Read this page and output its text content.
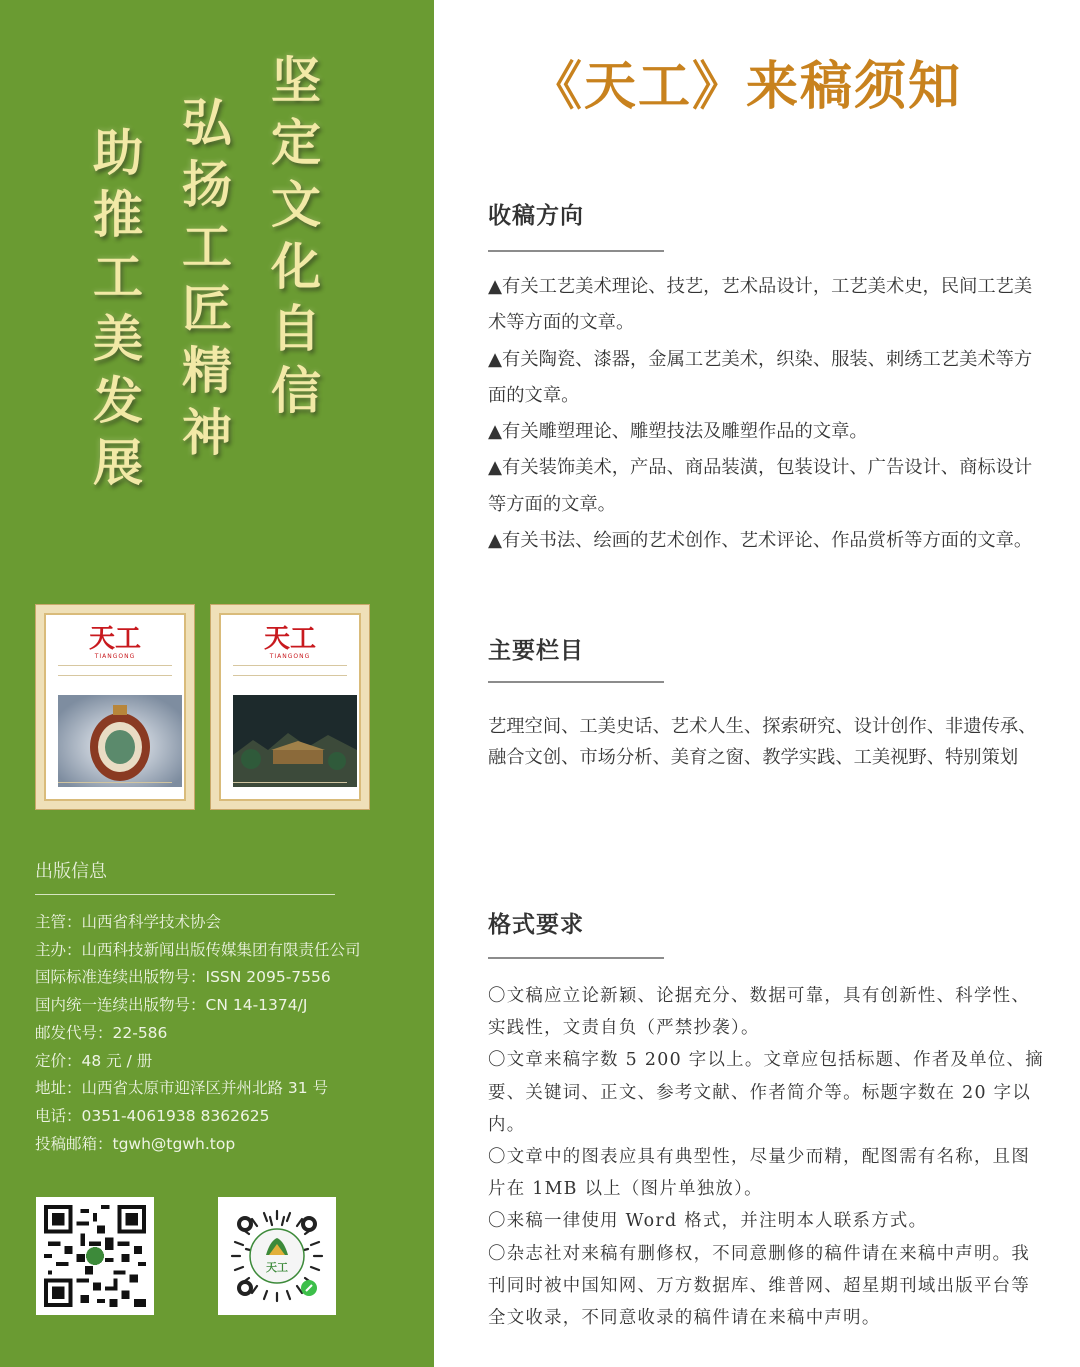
坚
定
文
化
自
信
弘
扬
工
匠
精
神
助
推
工
美
发
展
天工
TIANGONG
天工
TIANGONG
出版信息
主管：山西省科学技术协会
主办：山西科技新闻出版传媒集团有限责任公司
国际标准连续出版物号：ISSN 2095-7556
国内统一连续出版物号：CN 14-1374/J
邮发代号：22-586
定价：48 元 / 册
地址：山西省太原市迎泽区并州北路 31 号
电话：0351-4061938 8362625
投稿邮箱：tgwh@tgwh.top
天工
《天工》来稿须知
收稿方向

▲有关工艺美术理论、技艺，艺术品设计，工艺美术史，民间工艺美术等方面的文章。

▲有关陶瓷、漆器，金属工艺美术，织染、服装、刺绣工艺美术等方面的文章。

▲有关雕塑理论、雕塑技法及雕塑作品的文章。

▲有关装饰美术，产品、商品装潢，包装设计、广告设计、商标设计等方面的文章。

▲有关书法、绘画的艺术创作、艺术评论、作品赏析等方面的文章。

主要栏目

艺理空间、工美史话、艺术人生、探索研究、设计创作、非遗传承、融合文创、市场分析、美育之窗、教学实践、工美视野、特别策划

格式要求

〇文稿应立论新颖、论据充分、数据可靠，具有创新性、科学性、实践性，文责自负（严禁抄袭）。

〇文章来稿字数 5 200 字以上。文章应包括标题、作者及单位、摘要、关键词、正文、参考文献、作者简介等。标题字数在 20 字以内。

〇文章中的图表应具有典型性，尽量少而精，配图需有名称，且图片在 1MB 以上（图片单独放）。

〇来稿一律使用 Word 格式，并注明本人联系方式。

〇杂志社对来稿有删修权，不同意删修的稿件请在来稿中声明。我刊同时被中国知网、万方数据库、维普网、超星期刊域出版平台等全文收录，不同意收录的稿件请在来稿中声明。
